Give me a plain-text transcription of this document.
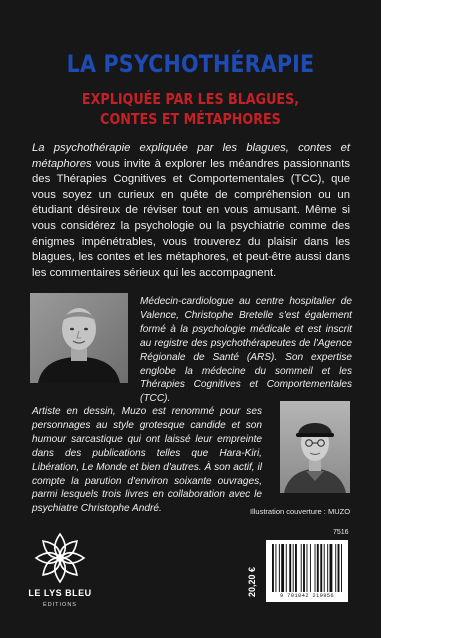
LA PSYCHOTHÉRAPIE
EXPLIQUÉE PAR LES BLAGUES,
CONTES ET MÉTAPHORES
La psychothérapie expliquée par les blagues, contes et métaphores vous invite à explorer les méandres passionnants des Thérapies Cognitives et Comportementales (TCC), que vous soyez un curieux en quête de compréhension ou un étudiant désireux de réviser tout en vous amusant. Même si vous considérez la psychologie ou la psychiatrie comme des énigmes impénétrables, vous trouverez du plaisir dans les blagues, les contes et les métaphores, et peut-être aussi dans les commentaires sérieux qui les accompagnent.
Médecin-cardiologue au centre hospitalier de Valence, Christophe Bretelle s'est également formé à la psychologie médicale et est inscrit au registre des psychothérapeutes de l'Agence Régionale de Santé (ARS). Son expertise englobe la médecine du sommeil et les Thérapies Cognitives et Comportementales (TCC).
Artiste en dessin, Muzo est renommé pour ses personnages au style grotesque candide et son humour sarcastique qui ont laissé leur empreinte dans des publications telles que Hara-Kiri, Libération, Le Monde et bien d'autres. À son actif, il compte la parution d'environ soixante ouvrages, parmi lesquels trois livres en collaboration avec le psychiatre Christophe André.	Illustration couverture : MUZO
LE LYS BLEU
ÉDITIONS
7516
20,20 €	9 791042 219956
